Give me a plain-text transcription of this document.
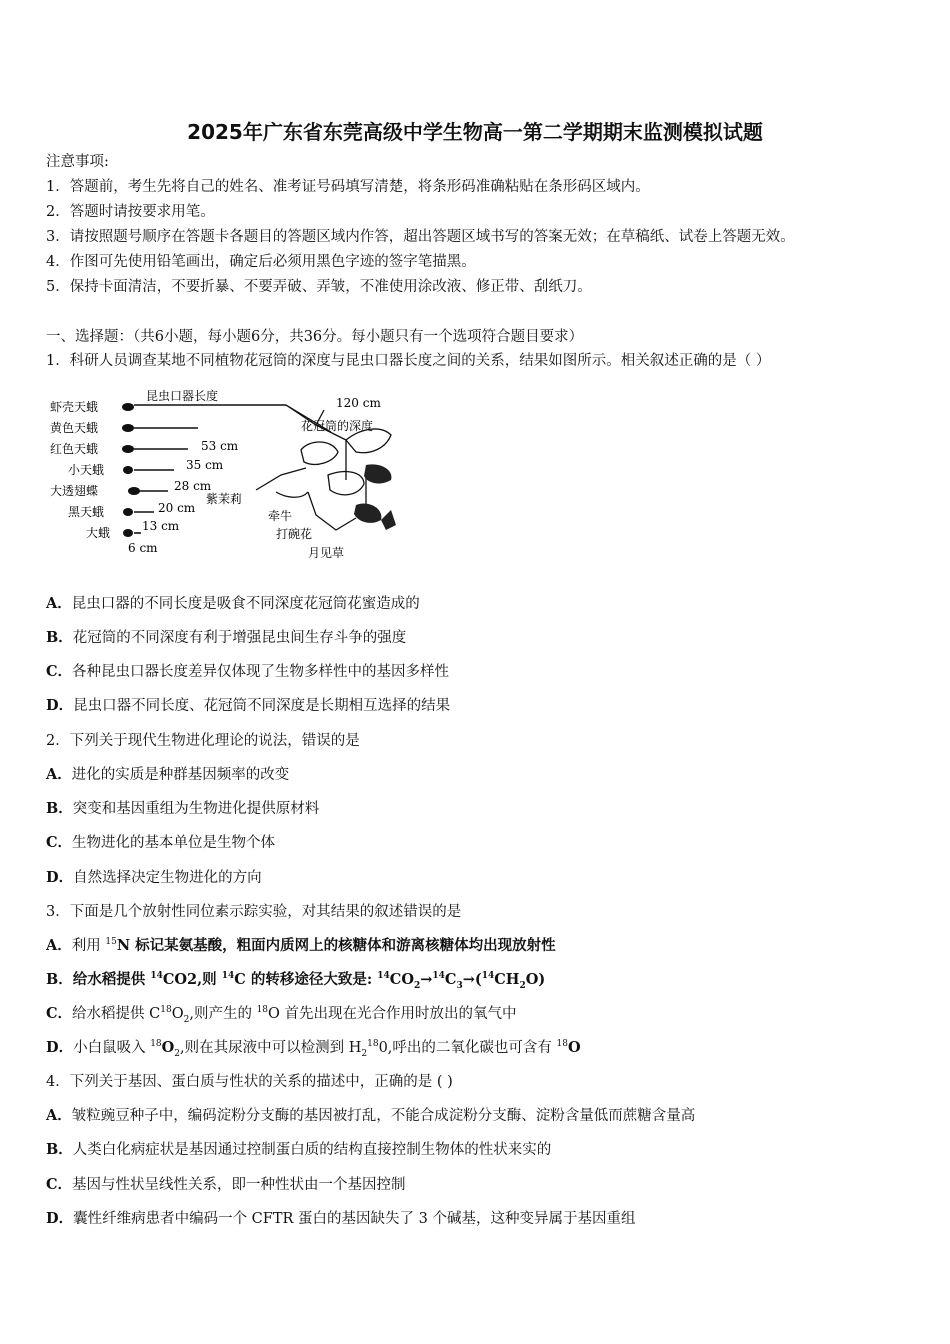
2025年广东省东莞高级中学生物高一第二学期期末监测模拟试题
注意事项:
1．答题前，考生先将自己的姓名、准考证号码填写清楚，将条形码准确粘贴在条形码区域内。
2．答题时请按要求用笔。
3．请按照题号顺序在答题卡各题目的答题区域内作答，超出答题区域书写的答案无效；在草稿纸、试卷上答题无效。
4．作图可先使用铅笔画出，确定后必须用黑色字迹的签字笔描黑。
5．保持卡面清洁，不要折暴、不要弄破、弄皱，不准使用涂改液、修正带、刮纸刀。
一、选择题：（共6小题，每小题6分，共36分。每小题只有一个选项符合题目要求）
1．科研人员调查某地不同植物花冠筒的深度与昆虫口器长度之间的关系，结果如图所示。相关叙述正确的是（ ）
虾壳天蛾
黄色天蛾
红色天蛾
小天蛾
大透翅蝶
黑天蛾
大蛾
昆虫口器长度	120 cm
花冠筒的深度
53 cm
35 cm
28 cm
20 cm
13 cm
6 cm
紫茉莉
牵牛
打碗花
月见草
A．昆虫口器的不同长度是吸食不同深度花冠筒花蜜造成的
B．花冠筒的不同深度有利于增强昆虫间生存斗争的强度
C．各种昆虫口器长度差异仅体现了生物多样性中的基因多样性
D．昆虫口器不同长度、花冠筒不同深度是长期相互选择的结果
2．下列关于现代生物进化理论的说法，错误的是
A．进化的实质是种群基因频率的改变
B．突变和基因重组为生物进化提供原材料
C．生物进化的基本单位是生物个体
D．自然选择决定生物进化的方向
3．下面是几个放射性同位素示踪实验，对其结果的叙述错误的是
A．利用 $^{15}$N 标记某氨基酸，粗面内质网上的核糖体和游离核糖体均出现放射性
B．给水稻提供 $^{14}$CO2,则 $^{14}$C 的转移途径大致是: $^{14}CO_2\to^{14}C_3\to(^{14}CH_2O)$
C．给水稻提供 $C^{18}O_2$,则产生的 $^{18}$O 首先出现在光合作用时放出的氧气中
D．小白鼠吸入 $^{18}O_2$,则在其尿液中可以检测到 $H_2^{18}0$,呼出的二氧化碳也可含有 $^{18}$O
4．下列关于基因、蛋白质与性状的关系的描述中，正确的是 ( )
A．皱粒豌豆种子中，编码淀粉分支酶的基因被打乱，不能合成淀粉分支酶、淀粉含量低而蔗糖含量高
B．人类白化病症状是基因通过控制蛋白质的结构直接控制生物体的性状来实的
C．基因与性状呈线性关系，即一种性状由一个基因控制
D．囊性纤维病患者中编码一个 CFTR 蛋白的基因缺失了 3 个碱基，这种变异属于基因重组
